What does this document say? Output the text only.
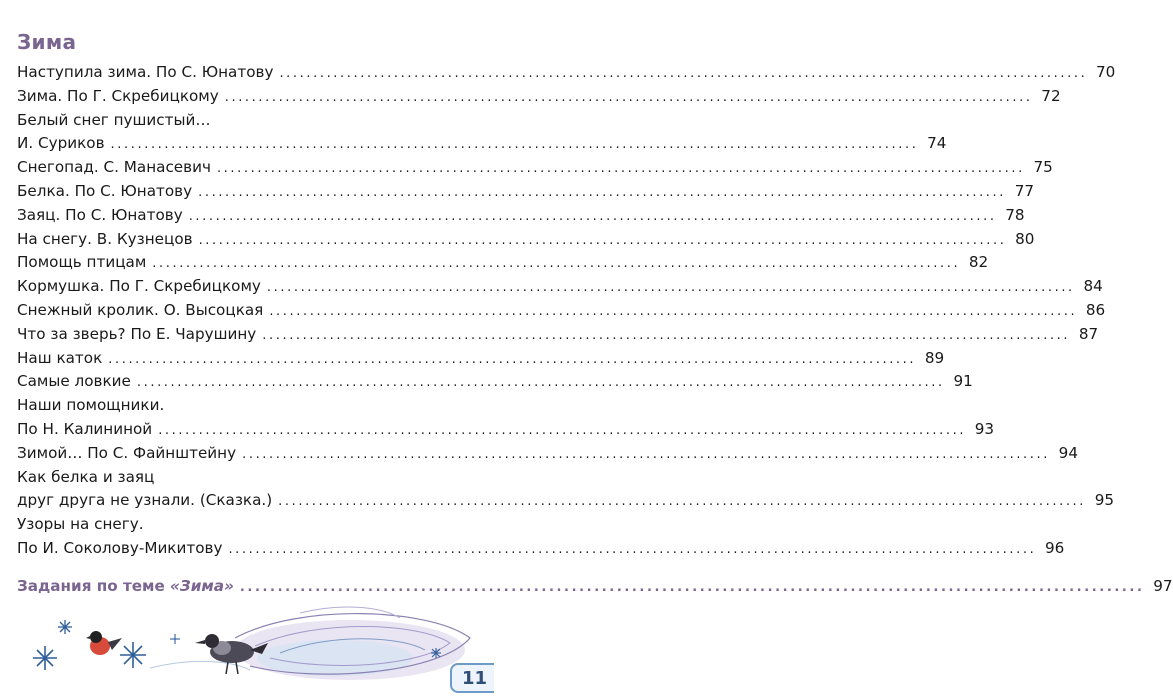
Зима
Наступила зима. По С. Юнатову ........................................................................................................................ 70
Зима. По Г. Скребицкому ........................................................................................................................ 72
Белый снег пушистый…
И. Суриков ........................................................................................................................ 74
Снегопад. С. Манасевич ........................................................................................................................ 75
Белка. По С. Юнатову ........................................................................................................................ 77
Заяц. По С. Юнатову ........................................................................................................................ 78
На снегу. В. Кузнецов ........................................................................................................................ 80
Помощь птицам ........................................................................................................................ 82
Кормушка. По Г. Скребицкому ........................................................................................................................ 84
Снежный кролик. О. Высоцкая ........................................................................................................................ 86
Что за зверь? По Е. Чарушину ........................................................................................................................ 87
Наш каток ........................................................................................................................ 89
Самые ловкие ........................................................................................................................ 91
Наши помощники.
По Н. Калининой ........................................................................................................................ 93
Зимой… По С. Файнштейну ........................................................................................................................ 94
Как белка и заяц
друг друга не узнали. (Сказка.) ........................................................................................................................ 95
Узоры на снегу.
По И. Соколову-Микитову ........................................................................................................................ 96
Задания по теме «Зима» ........................................................................................................................ 97
11
